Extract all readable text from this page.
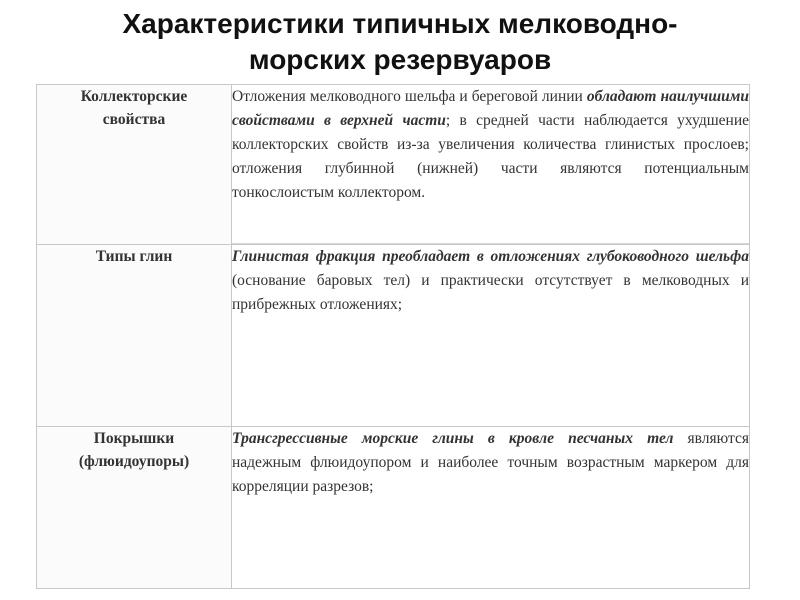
Характеристики типичных мелководно-
морских резервуаров
Коллекторские
свойства	Отложения мелководного шельфа и береговой линии обладают наилучшими свойствами в верхней части; в средней части наблюдается ухудшение коллекторских свойств из-за увеличения количества глинистых прослоев; отложения глубинной (нижней) части являются потенциальным тонкослоистым коллектором.

Типы глин	Глинистая фракция преобладает в отложениях глубоководного шельфа (основание баровых тел) и практически отсутствует в мелководных и прибрежных отложениях;

Покрышки
(флюидоупоры)	Трансгрессивные морские глины в кровле песчаных тел являются надежным флюидоупором и наиболее точным возрастным маркером для корреляции разрезов;
